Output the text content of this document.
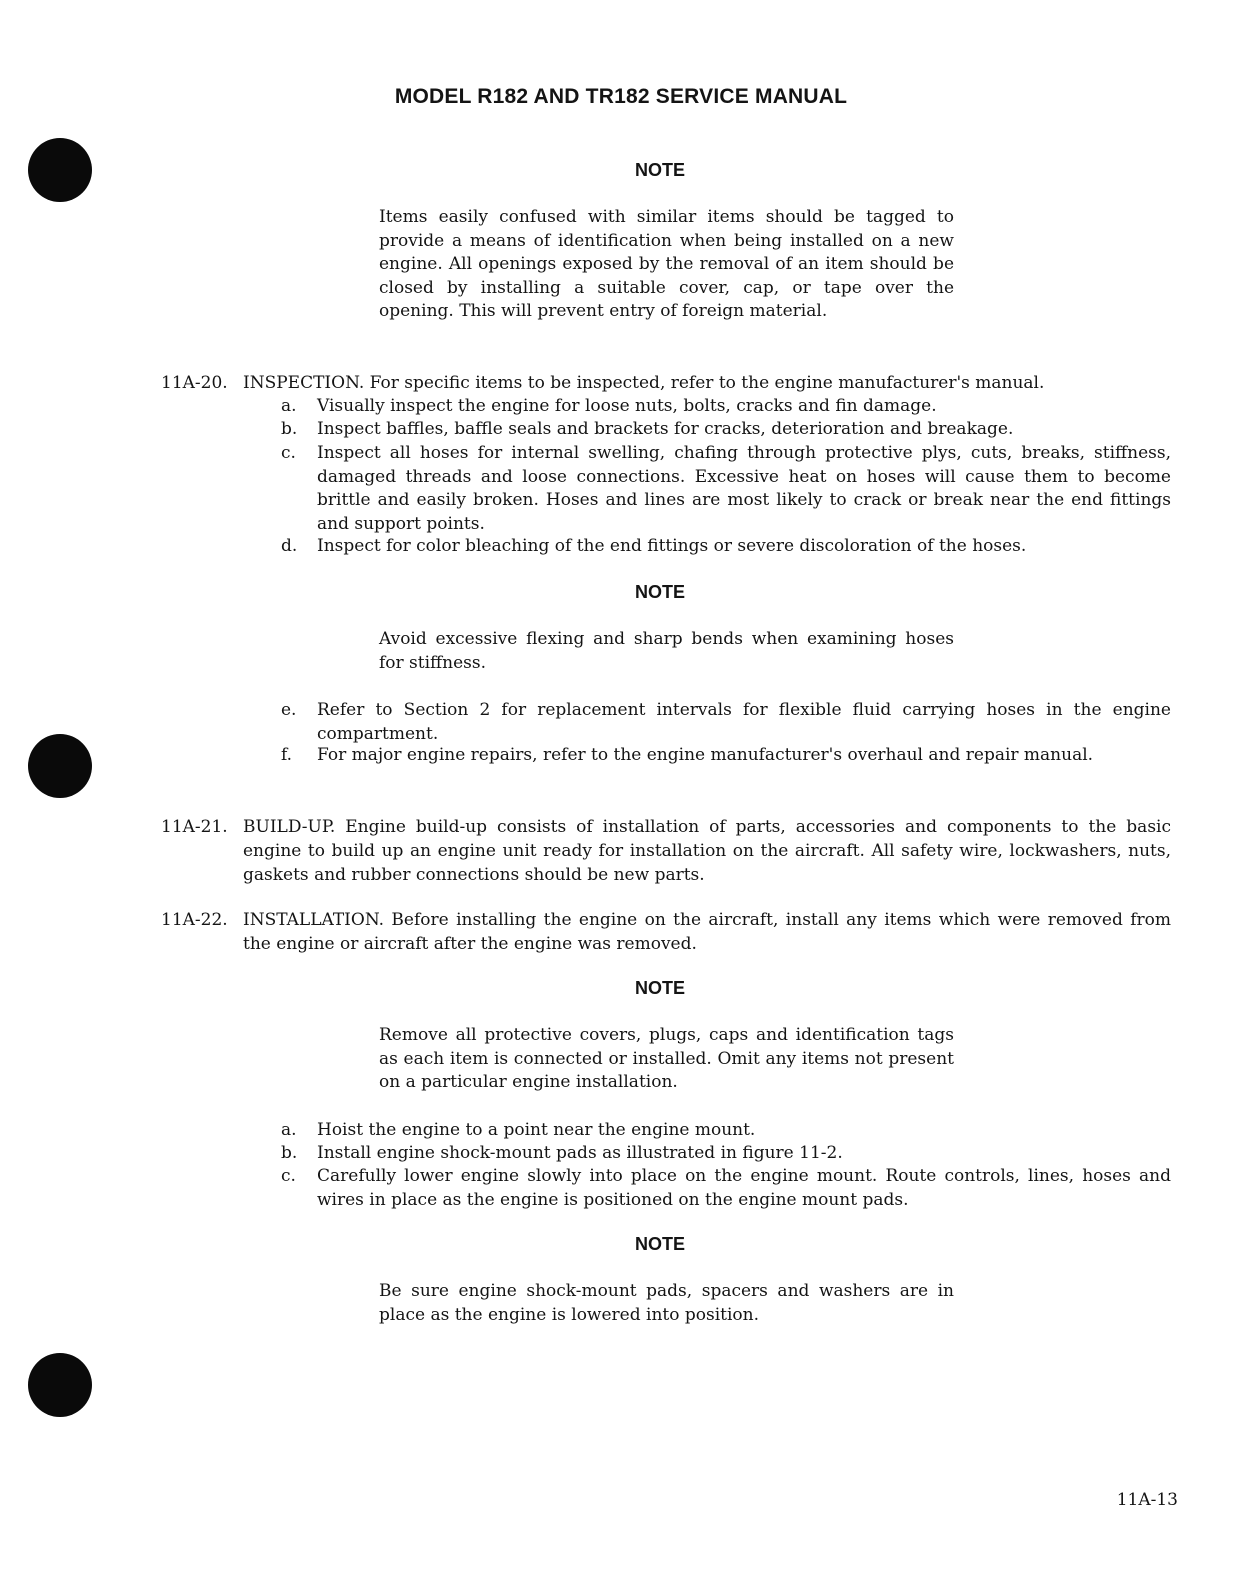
MODEL R182 AND TR182 SERVICE MANUAL
NOTE
Items easily confused with similar items should be tagged to provide a means of identification when being installed on a new engine. All openings exposed by the removal of an item should be closed by installing a suitable cover, cap, or tape over the opening. This will prevent entry of foreign material.
11A-20. INSPECTION. For specific items to be inspected, refer to the engine manufacturer's manual.
a. Visually inspect the engine for loose nuts, bolts, cracks and fin damage.
b. Inspect baffles, baffle seals and brackets for cracks, deterioration and breakage.
c. Inspect all hoses for internal swelling, chafing through protective plys, cuts, breaks, stiffness, damaged threads and loose connections. Excessive heat on hoses will cause them to become brittle and easily broken. Hoses and lines are most likely to crack or break near the end fittings and support points.
d. Inspect for color bleaching of the end fittings or severe discoloration of the hoses.
NOTE
Avoid excessive flexing and sharp bends when examining hoses for stiffness.
e. Refer to Section 2 for replacement intervals for flexible fluid carrying hoses in the engine compartment.
f. For major engine repairs, refer to the engine manufacturer's overhaul and repair manual.
11A-21. BUILD-UP. Engine build-up consists of installation of parts, accessories and components to the basic engine to build up an engine unit ready for installation on the aircraft. All safety wire, lockwashers, nuts, gaskets and rubber connections should be new parts.
11A-22. INSTALLATION. Before installing the engine on the aircraft, install any items which were removed from the engine or aircraft after the engine was removed.
NOTE
Remove all protective covers, plugs, caps and identification tags as each item is connected or installed. Omit any items not present on a particular engine installation.
a. Hoist the engine to a point near the engine mount.
b. Install engine shock-mount pads as illustrated in figure 11-2.
c. Carefully lower engine slowly into place on the engine mount. Route controls, lines, hoses and wires in place as the engine is positioned on the engine mount pads.
NOTE
Be sure engine shock-mount pads, spacers and washers are in place as the engine is lowered into position.
11A-13
